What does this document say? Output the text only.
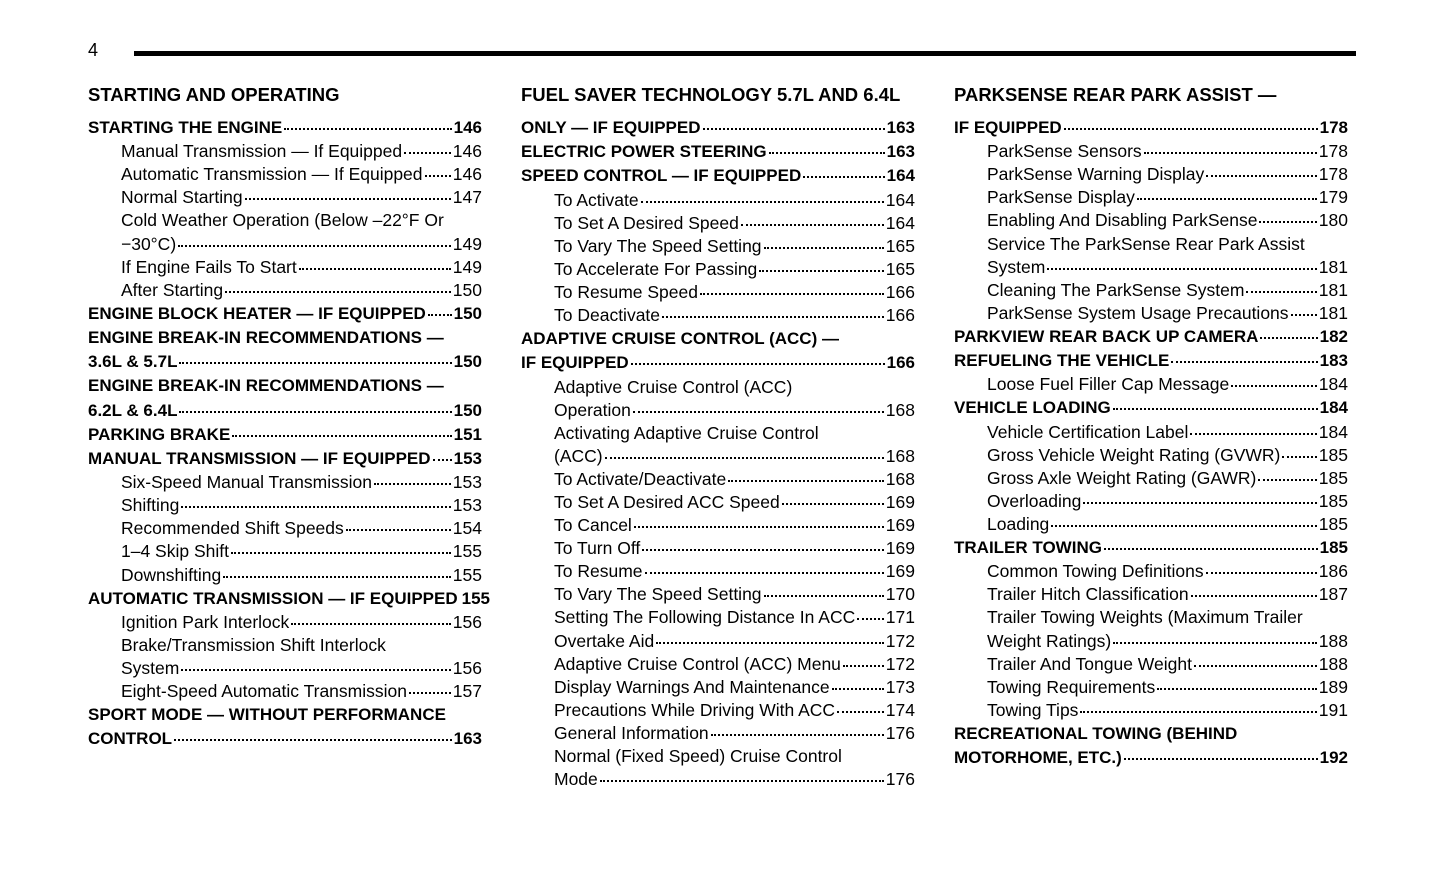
4
STARTING AND OPERATING
STARTING THE ENGINE	146
Manual Transmission — If Equipped	146
Automatic Transmission — If Equipped 146
Normal Starting	147
Cold Weather Operation (Below –22°F Or
−30°C)	149
If Engine Fails To Start	149
After Starting	150
ENGINE BLOCK HEATER — IF EQUIPPED 150
ENGINE BREAK-IN RECOMMENDATIONS —
3.6L & 5.7L	150
ENGINE BREAK-IN RECOMMENDATIONS —
6.2L & 6.4L	150
PARKING BRAKE	151
MANUAL TRANSMISSION — IF EQUIPPED 153
Six-Speed Manual Transmission	153
Shifting	153
Recommended Shift Speeds	154
1–4 Skip Shift	155
Downshifting	155
AUTOMATIC TRANSMISSION — IF EQUIPPED 155
Ignition Park Interlock	156
Brake/Transmission Shift Interlock
System	156
Eight-Speed Automatic Transmission	157
SPORT MODE — WITHOUT PERFORMANCE
CONTROL	163
FUEL SAVER TECHNOLOGY 5.7L AND 6.4L
ONLY — IF EQUIPPED	163
ELECTRIC POWER STEERING	163
SPEED CONTROL — IF EQUIPPED	164
To Activate	164
To Set A Desired Speed	164
To Vary The Speed Setting	165
To Accelerate For Passing	165
To Resume Speed	166
To Deactivate	166
ADAPTIVE CRUISE CONTROL (ACC) —
IF EQUIPPED	166
Adaptive Cruise Control (ACC)
Operation	168
Activating Adaptive Cruise Control
(ACC)	168
To Activate/Deactivate	168
To Set A Desired ACC Speed	169
To Cancel	169
To Turn Off	169
To Resume	169
To Vary The Speed Setting	170
Setting The Following Distance In ACC 171
Overtake Aid	172
Adaptive Cruise Control (ACC) Menu	172
Display Warnings And Maintenance	173
Precautions While Driving With ACC	174
General Information	176
Normal (Fixed Speed) Cruise Control
Mode	176
PARKSENSE REAR PARK ASSIST —
IF EQUIPPED	178
ParkSense Sensors	178
ParkSense Warning Display	178
ParkSense Display	179
Enabling And Disabling ParkSense	180
Service The ParkSense Rear Park Assist
System	181
Cleaning The ParkSense System	181
ParkSense System Usage Precautions 181
PARKVIEW REAR BACK UP CAMERA	182
REFUELING THE VEHICLE	183
Loose Fuel Filler Cap Message	184
VEHICLE LOADING	184
Vehicle Certification Label	184
Gross Vehicle Weight Rating (GVWR) 185
Gross Axle Weight Rating (GAWR)	185
Overloading	185
Loading	185
TRAILER TOWING	185
Common Towing Definitions	186
Trailer Hitch Classification	187
Trailer Towing Weights (Maximum Trailer
Weight Ratings)	188
Trailer And Tongue Weight	188
Towing Requirements	189
Towing Tips	191
RECREATIONAL TOWING (BEHIND
MOTORHOME, ETC.)	192
